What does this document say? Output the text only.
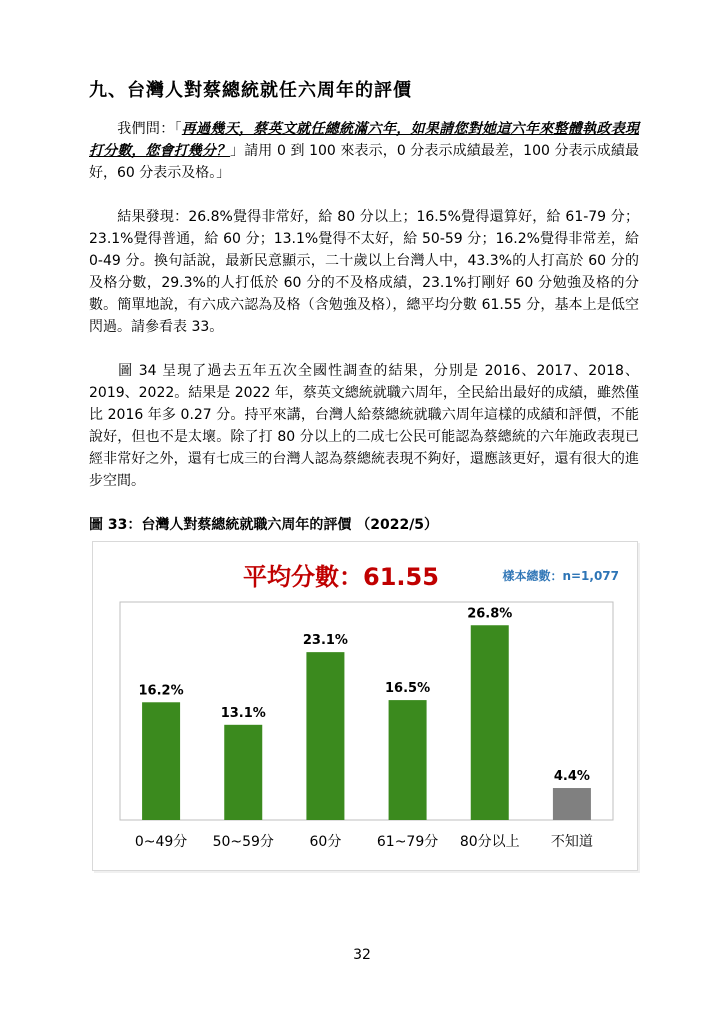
九、台灣人對蔡總統就任六周年的評價
我們問：「再過幾天，蔡英文就任總統滿六年，如果請您對她這六年來整體執政表現打分數，您會打幾分？」請用 0 到 100 來表示，0 分表示成績最差，100 分表示成績最好，60 分表示及格。」
結果發現：26.8%覺得非常好，給 80 分以上；16.5%覺得還算好，給 61-79 分；23.1%覺得普通，給 60 分；13.1%覺得不太好，給 50-59 分；16.2%覺得非常差，給 0-49 分。換句話說，最新民意顯示，二十歲以上台灣人中，43.3%的人打高於 60 分的及格分數，29.3%的人打低於 60 分的不及格成績，23.1%打剛好 60 分勉強及格的分數。簡單地說，有六成六認為及格（含勉強及格），總平均分數 61.55 分，基本上是低空閃過。請參看表 33。
圖 34 呈現了過去五年五次全國性調查的結果，分別是 2016、2017、2018、2019、2022。結果是 2022 年，蔡英文總統就職六周年，全民給出最好的成績，雖然僅比 2016 年多 0.27 分。持平來講，台灣人給蔡總統就職六周年這樣的成績和評價，不能說好，但也不是太壞。除了打 80 分以上的二成七公民可能認為蔡總統的六年施政表現已經非常好之外，還有七成三的台灣人認為蔡總統表現不夠好，還應該更好，還有很大的進步空間。
圖 33：台灣人對蔡總統就職六周年的評價 （2022/5）
平均分數：61.55	樣本總數：n=1,077
16.2%
0~49分
13.1%
50~59分
23.1%
60分
16.5%
61~79分
26.8%
80分以上
4.4%
不知道
32
